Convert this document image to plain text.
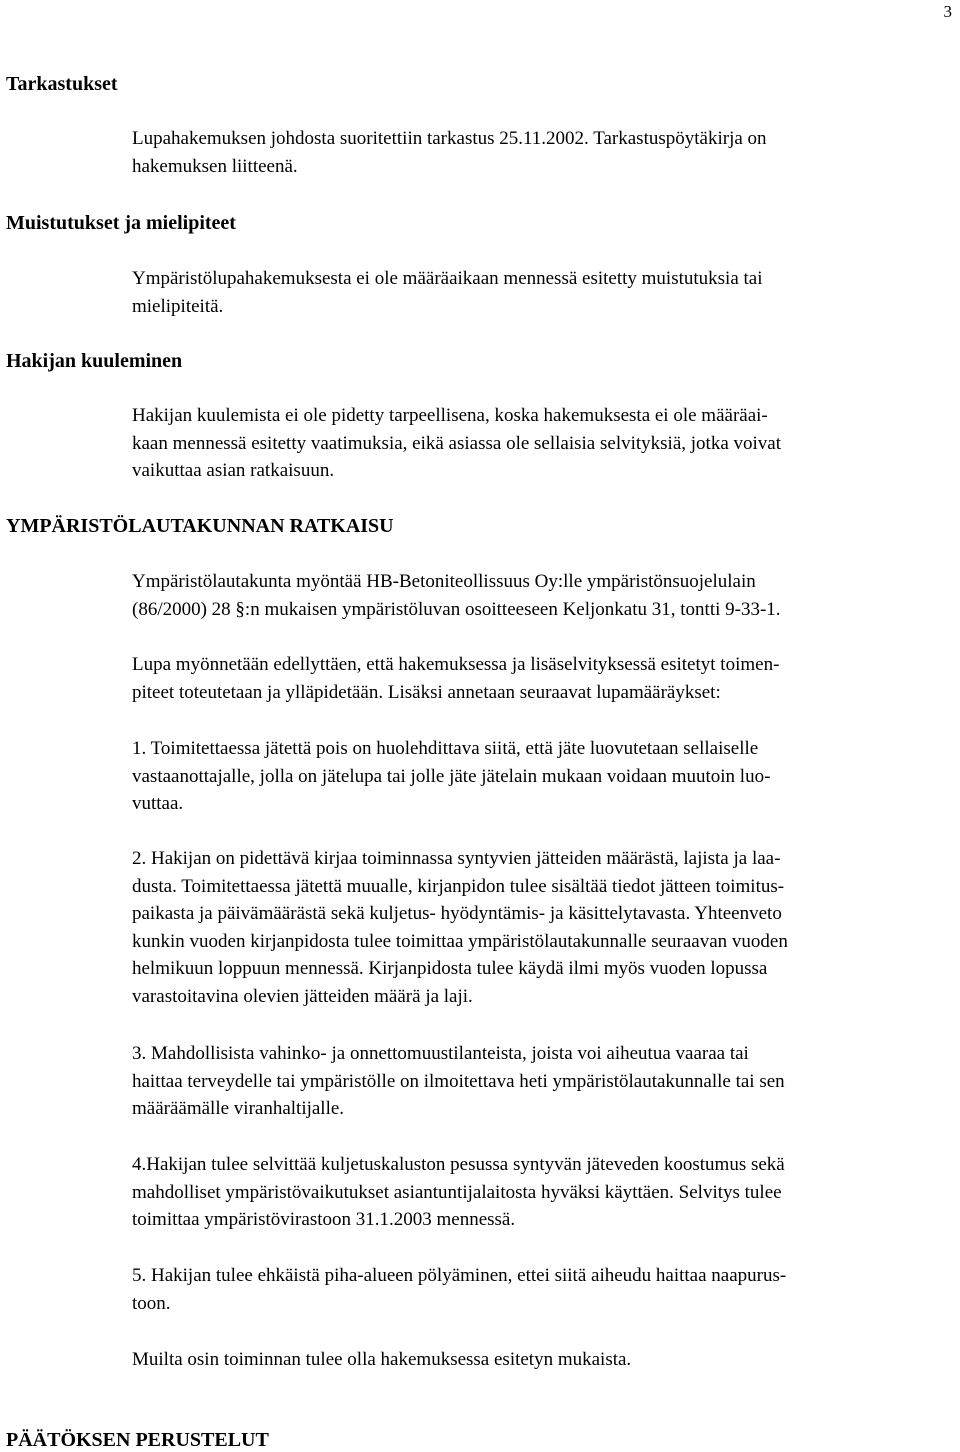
3
Tarkastukset

Lupahakemuksen johdosta suoritettiin tarkastus 25.11.2002. Tarkastuspöytäkirja on
hakemuksen liitteenä.

Muistutukset ja mielipiteet

Ympäristölupahakemuksesta ei ole määräaikaan mennessä esitetty muistutuksia tai
mielipiteitä.

Hakijan kuuleminen

Hakijan kuulemista ei ole pidetty tarpeellisena, koska hakemuksesta ei ole määräai-
kaan mennessä esitetty vaatimuksia, eikä asiassa ole sellaisia selvityksiä, jotka voivat
vaikuttaa asian ratkaisuun.

YMPÄRISTÖLAUTAKUNNAN RATKAISU

Ympäristölautakunta myöntää HB-Betoniteollissuus Oy:lle ympäristönsuojelulain
(86/2000) 28 §:n mukaisen ympäristöluvan osoitteeseen Keljonkatu 31, tontti 9-33-1.

Lupa myönnetään edellyttäen, että hakemuksessa ja lisäselvityksessä esitetyt toimen-
piteet toteutetaan ja ylläpidetään. Lisäksi annetaan seuraavat lupamääräykset:

1. Toimitettaessa jätettä pois on huolehdittava siitä, että jäte luovutetaan sellaiselle
vastaanottajalle, jolla on jätelupa tai jolle jäte jätelain mukaan voidaan muutoin luo-
vuttaa.

2. Hakijan on pidettävä kirjaa toiminnassa syntyvien jätteiden määrästä, lajista ja laa-
dusta. Toimitettaessa jätettä muualle, kirjanpidon tulee sisältää tiedot jätteen toimitus-
paikasta ja päivämäärästä sekä kuljetus- hyödyntämis- ja käsittelytavasta. Yhteenveto
kunkin vuoden kirjanpidosta tulee toimittaa ympäristölautakunnalle seuraavan vuoden
helmikuun loppuun mennessä. Kirjanpidosta tulee käydä ilmi myös vuoden lopussa
varastoitavina olevien jätteiden määrä ja laji.

3. Mahdollisista vahinko- ja onnettomuustilanteista, joista voi aiheutua vaaraa tai
haittaa terveydelle tai ympäristölle on ilmoitettava heti ympäristölautakunnalle tai sen
määräämälle viranhaltijalle.

4.Hakijan tulee selvittää kuljetuskaluston pesussa syntyvän jäteveden koostumus sekä
mahdolliset ympäristövaikutukset asiantuntijalaitosta hyväksi käyttäen. Selvitys tulee
toimittaa ympäristövirastoon 31.1.2003 mennessä.

5. Hakijan tulee ehkäistä piha-alueen pölyäminen, ettei siitä aiheudu haittaa naapurus-
toon.

Muilta osin toiminnan tulee olla hakemuksessa esitetyn mukaista.

PÄÄTÖKSEN PERUSTELUT
